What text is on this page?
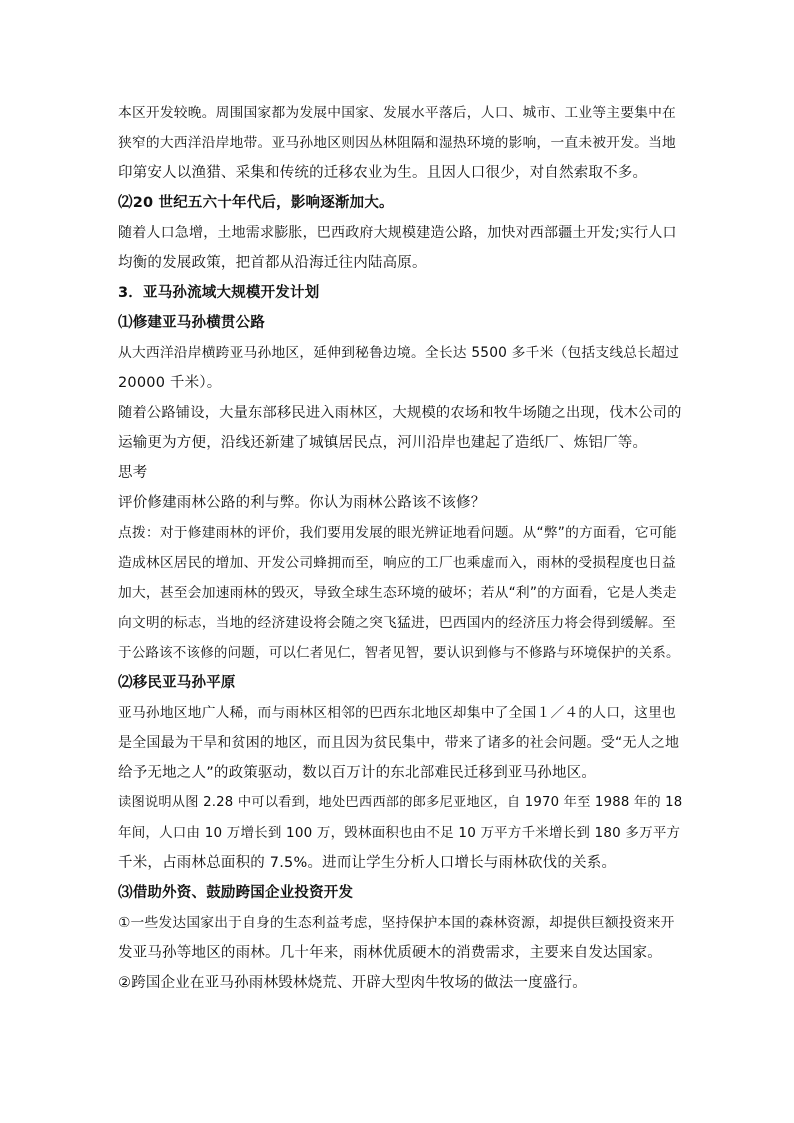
本区开发较晚。周围国家都为发展中国家、发展水平落后，人口、城市、工业等主要集中在
狭窄的大西洋沿岸地带。亚马孙地区则因丛林阻隔和湿热环境的影响，一直未被开发。当地
印第安人以渔猎、采集和传统的迁移农业为生。且因人口很少，对自然索取不多。
⑵20 世纪五六十年代后，影响逐渐加大。
随着人口急增，土地需求膨胀，巴西政府大规模建造公路，加快对西部疆土开发;实行人口
均衡的发展政策，把首都从沿海迁往内陆高原。
3．亚马孙流域大规模开发计划
⑴修建亚马孙横贯公路
从大西洋沿岸横跨亚马孙地区，延伸到秘鲁边境。全长达 5500 多千米（包括支线总长超过
20000 千米）。
随着公路铺设，大量东部移民进入雨林区，大规模的农场和牧牛场随之出现，伐木公司的
运输更为方便，沿线还新建了城镇居民点，河川沿岸也建起了造纸厂、炼铝厂等。
思考
评价修建雨林公路的利与弊。你认为雨林公路该不该修？
点拨：对于修建雨林的评价，我们要用发展的眼光辨证地看问题。从“弊”的方面看，它可能
造成林区居民的增加、开发公司蜂拥而至，响应的工厂也乘虚而入，雨林的受损程度也日益
加大，甚至会加速雨林的毁灭，导致全球生态环境的破坏；若从“利”的方面看，它是人类走
向文明的标志，当地的经济建设将会随之突飞猛进，巴西国内的经济压力将会得到缓解。至
于公路该不该修的问题，可以仁者见仁，智者见智，要认识到修与不修路与环境保护的关系。
⑵移民亚马孙平原
亚马孙地区地广人稀，而与雨林区相邻的巴西东北地区却集中了全国１／４的人口，这里也
是全国最为干旱和贫困的地区，而且因为贫民集中，带来了诸多的社会问题。受“无人之地
给予无地之人”的政策驱动，数以百万计的东北部难民迁移到亚马孙地区。
读图说明从图 2.28 中可以看到，地处巴西西部的郎多尼亚地区，自 1970 年至 1988 年的 18
年间，人口由 10 万增长到 100 万，毁林面积也由不足 10 万平方千米增长到 180 多万平方
千米，占雨林总面积的 7.5%。进而让学生分析人口增长与雨林砍伐的关系。
⑶借助外资、鼓励跨国企业投资开发
①一些发达国家出于自身的生态利益考虑，坚持保护本国的森林资源，却提供巨额投资来开
发亚马孙等地区的雨林。几十年来，雨林优质硬木的消费需求，主要来自发达国家。
②跨国企业在亚马孙雨林毁林烧荒、开辟大型肉牛牧场的做法一度盛行。
